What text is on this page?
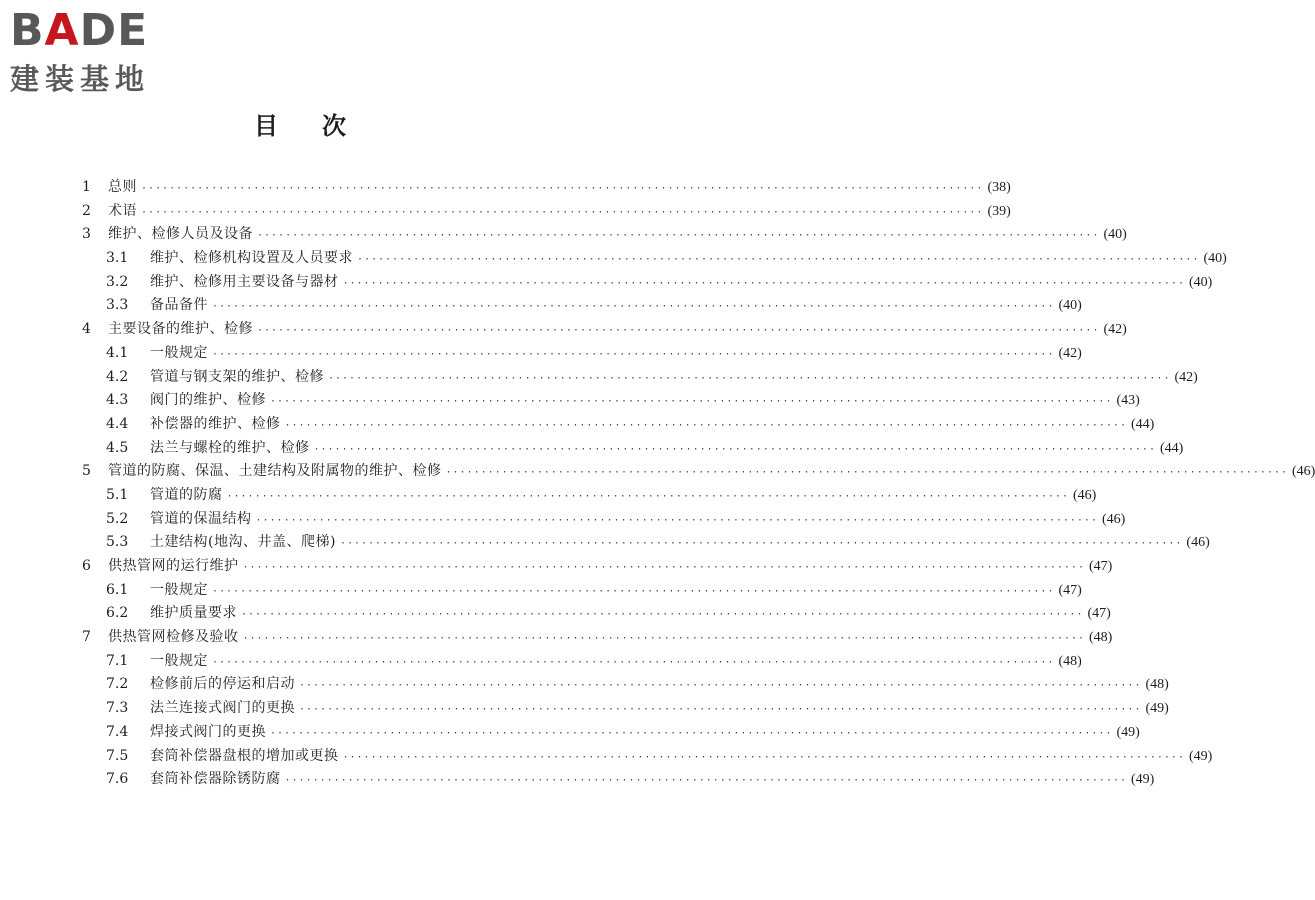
BADE
建装基地
目次
1	总则 ························································································································ (38)
2	术语 ························································································································ (39)
3	维护、检修人员及设备 ························································································································ (40)
3.1	维护、检修机构设置及人员要求 ························································································································ (40)
3.2	维护、检修用主要设备与器材 ························································································································ (40)
3.3	备品备件 ························································································································ (40)
4	主要设备的维护、检修 ························································································································ (42)
4.1	一般规定 ························································································································ (42)
4.2	管道与钢支架的维护、检修 ························································································································ (42)
4.3	阀门的维护、检修 ························································································································ (43)
4.4	补偿器的维护、检修 ························································································································ (44)
4.5	法兰与螺栓的维护、检修 ························································································································ (44)
5	管道的防腐、保温、土建结构及附属物的维护、检修 ························································································································ (46)
5.1	管道的防腐 ························································································································ (46)
5.2	管道的保温结构 ························································································································ (46)
5.3	土建结构(地沟、井盖、爬梯) ························································································································ (46)
6	供热管网的运行维护 ························································································································ (47)
6.1	一般规定 ························································································································ (47)
6.2	维护质量要求 ························································································································ (47)
7	供热管网检修及验收 ························································································································ (48)
7.1	一般规定 ························································································································ (48)
7.2	检修前后的停运和启动 ························································································································ (48)
7.3	法兰连接式阀门的更换 ························································································································ (49)
7.4	焊接式阀门的更换 ························································································································ (49)
7.5	套筒补偿器盘根的增加或更换 ························································································································ (49)
7.6	套筒补偿器除锈防腐 ························································································································ (49)
